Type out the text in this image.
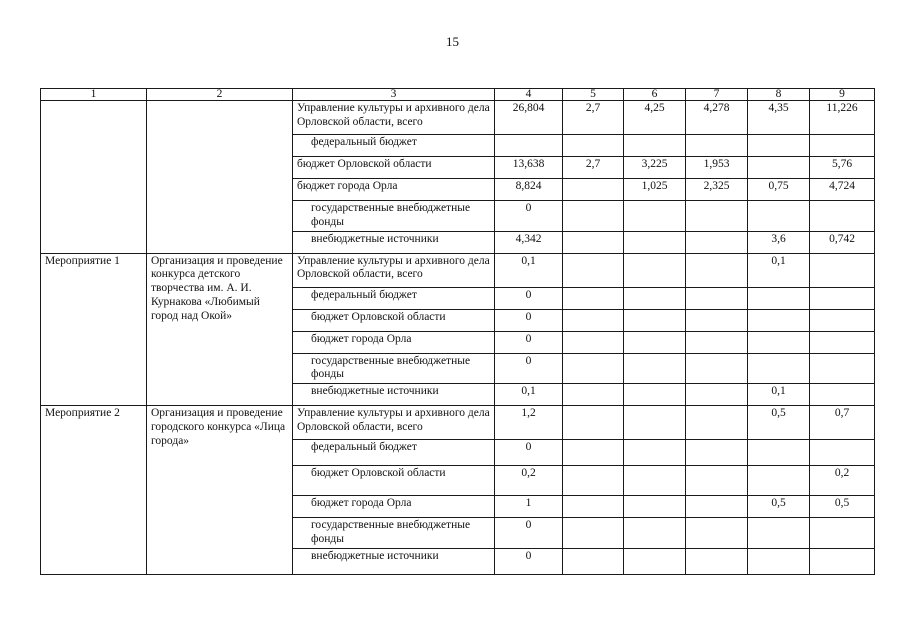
15
1	2	3	4	5	6	7	8	9
		Управление культуры и архивного дела Орловской области, всего	26,804	2,7	4,25	4,278	4,35	11,226
		федеральный бюджет						
		бюджет Орловской области	13,638	2,7	3,225	1,953		5,76
		бюджет города Орла	8,824		1,025	2,325	0,75	4,724
		государственные внебюджетные фонды	0					
		внебюджетные источники	4,342				3,6	0,742
Мероприятие 1	Организация и проведение конкурса детского творчества им. А. И. Курнакова «Любимый город над Окой»	Управление культуры и архивного дела Орловской области, всего	0,1				0,1	
		федеральный бюджет	0					
		бюджет Орловской области	0					
		бюджет города Орла	0					
		государственные внебюджетные фонды	0					
		внебюджетные источники	0,1				0,1	
Мероприятие 2	Организация и проведение городского конкурса «Лица города»	Управление культуры и архивного дела Орловской области, всего	1,2				0,5	0,7
		федеральный бюджет	0					
		бюджет Орловской области	0,2					0,2
		бюджет города Орла	1				0,5	0,5
		государственные внебюджетные фонды	0					
		внебюджетные источники	0					
